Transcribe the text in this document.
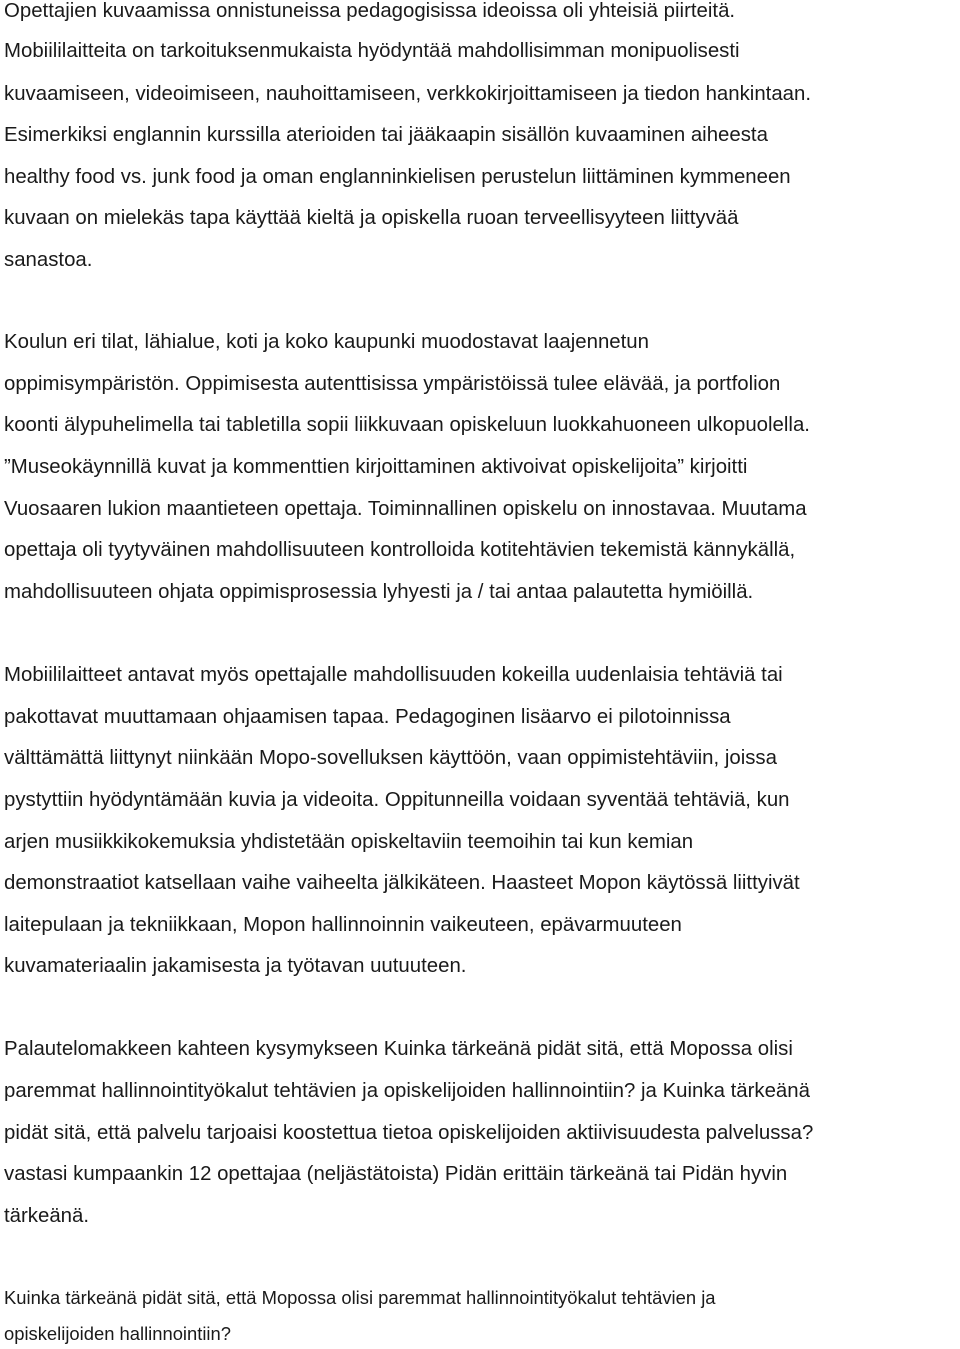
Opettajien kuvaamissa onnistuneissa pedagogisissa ideoissa oli yhteisiä piirteitä.
Mobiililaitteita on tarkoituksenmukaista hyödyntää mahdollisimman monipuolisesti
kuvaamiseen, videoimiseen, nauhoittamiseen, verkkokirjoittamiseen ja tiedon hankintaan.
Esimerkiksi englannin kurssilla aterioiden tai jääkaapin sisällön kuvaaminen aiheesta
healthy food vs. junk food ja oman englanninkielisen perustelun liittäminen kymmeneen
kuvaan on mielekäs tapa käyttää kieltä ja opiskella ruoan terveellisyyteen liittyvää
sanastoa.
Koulun eri tilat, lähialue, koti ja koko kaupunki muodostavat laajennetun
oppimisympäristön. Oppimisesta autenttisissa ympäristöissä tulee elävää, ja portfolion
koonti älypuhelimella tai tabletilla sopii liikkuvaan opiskeluun luokkahuoneen ulkopuolella.
”Museokäynnillä kuvat ja kommenttien kirjoittaminen aktivoivat opiskelijoita” kirjoitti
Vuosaaren lukion maantieteen opettaja. Toiminnallinen opiskelu on innostavaa. Muutama
opettaja oli tyytyväinen mahdollisuuteen kontrolloida kotitehtävien tekemistä kännykällä,
mahdollisuuteen ohjata oppimisprosessia lyhyesti ja / tai antaa palautetta hymiöillä.
Mobiililaitteet antavat myös opettajalle mahdollisuuden kokeilla uudenlaisia tehtäviä tai
pakottavat muuttamaan ohjaamisen tapaa. Pedagoginen lisäarvo ei pilotoinnissa
välttämättä liittynyt niinkään Mopo-sovelluksen käyttöön, vaan oppimistehtäviin, joissa
pystyttiin hyödyntämään kuvia ja videoita. Oppitunneilla voidaan syventää tehtäviä, kun
arjen musiikkikokemuksia yhdistetään opiskeltaviin teemoihin tai kun kemian
demonstraatiot katsellaan vaihe vaiheelta jälkikäteen. Haasteet Mopon käytössä liittyivät
laitepulaan ja tekniikkaan, Mopon hallinnoinnin vaikeuteen, epävarmuuteen
kuvamateriaalin jakamisesta ja työtavan uutuuteen.
Palautelomakkeen kahteen kysymykseen Kuinka tärkeänä pidät sitä, että Mopossa olisi
paremmat hallinnointityökalut tehtävien ja opiskelijoiden hallinnointiin? ja Kuinka tärkeänä
pidät sitä, että palvelu tarjoaisi koostettua tietoa opiskelijoiden aktiivisuudesta palvelussa?
vastasi kumpaankin 12 opettajaa (neljästätoista) Pidän erittäin tärkeänä tai Pidän hyvin
tärkeänä.
Kuinka tärkeänä pidät sitä, että Mopossa olisi paremmat hallinnointityökalut tehtävien ja
opiskelijoiden hallinnointiin?
